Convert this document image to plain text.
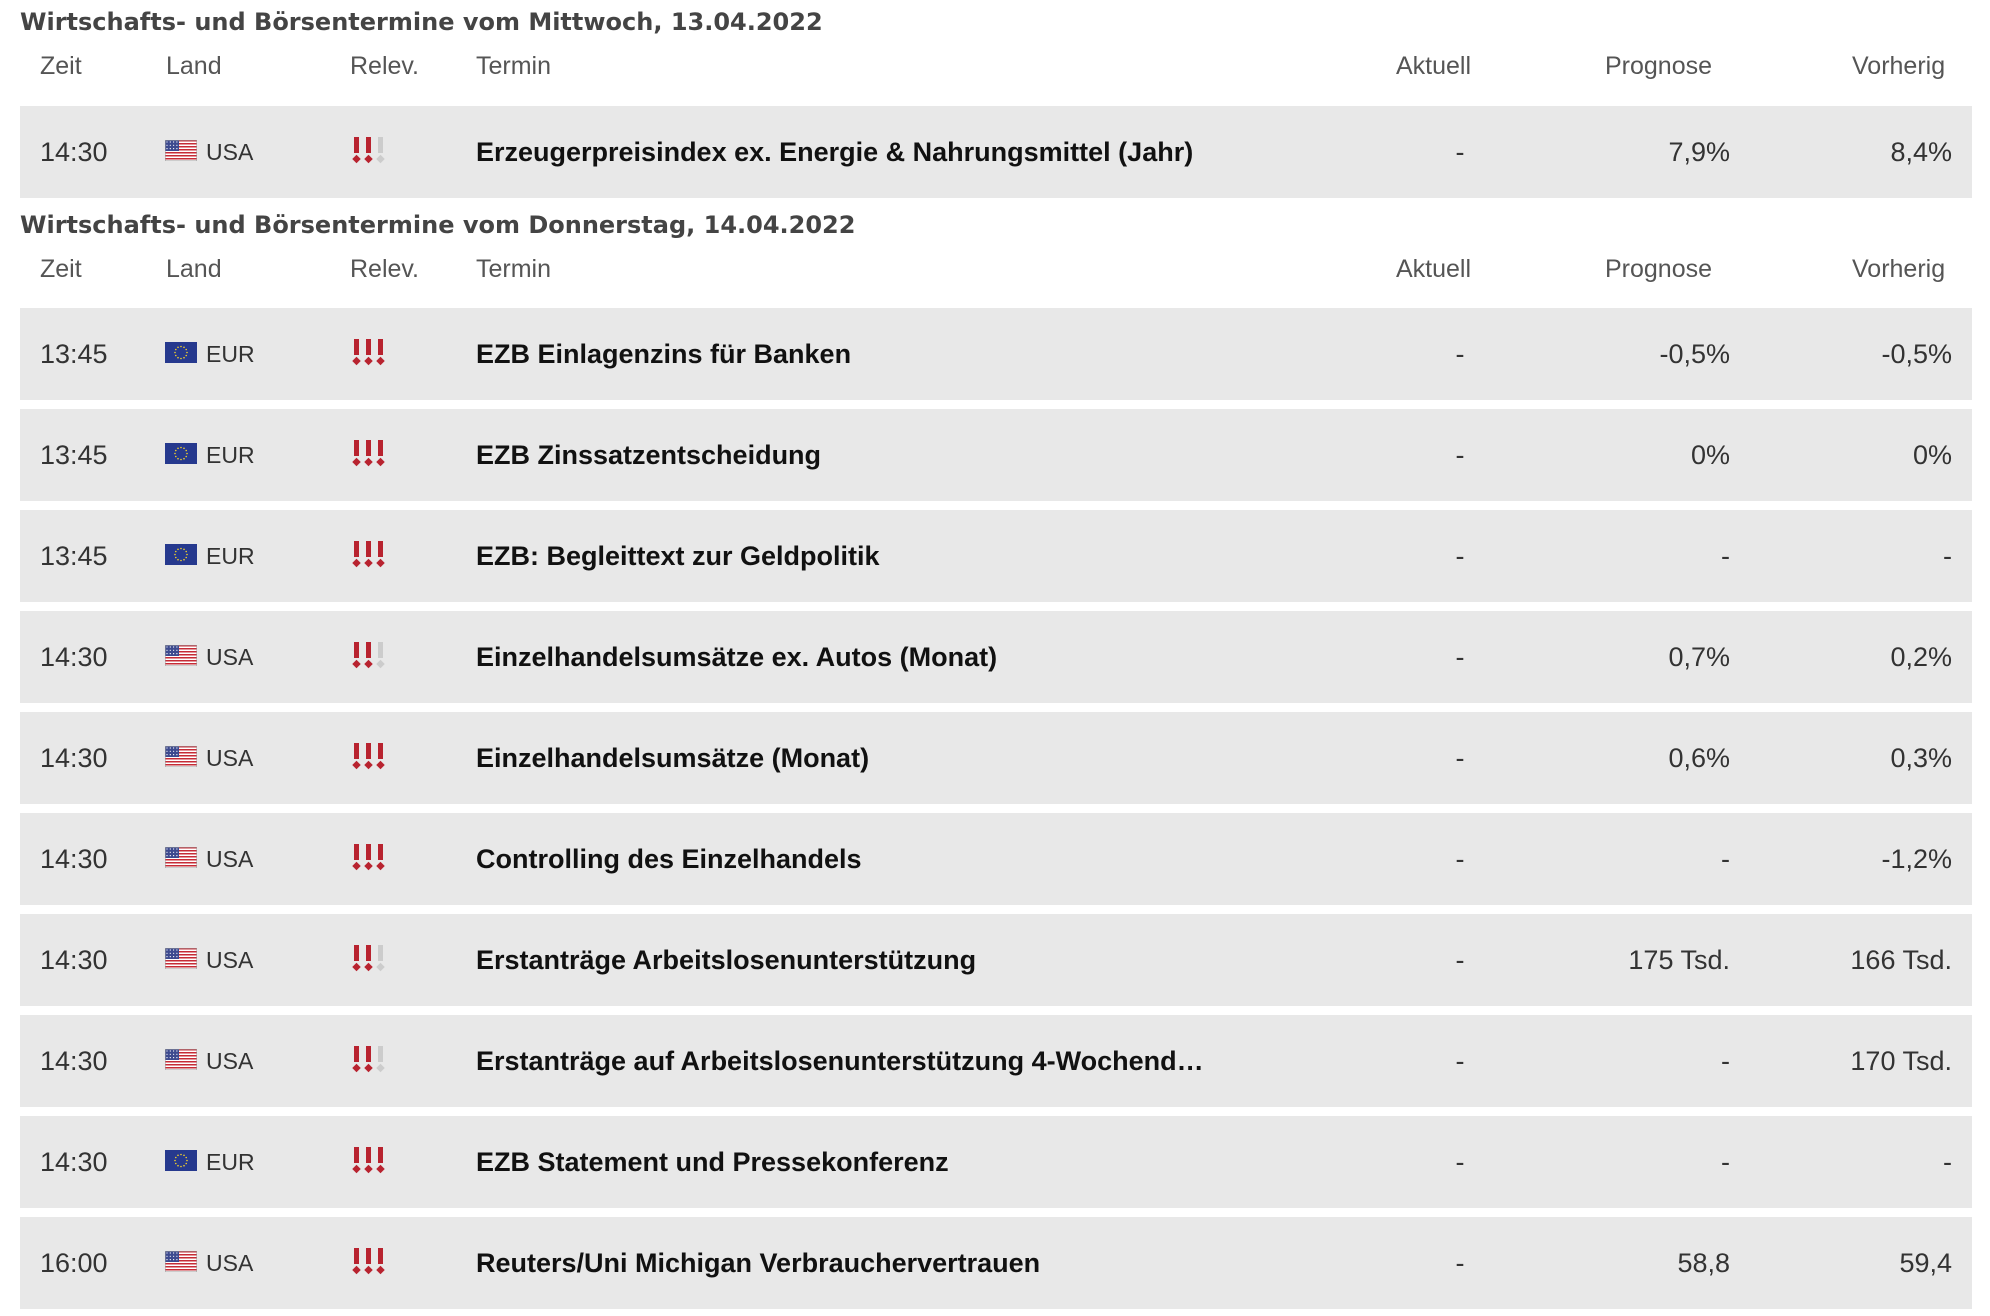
Wirtschafts- und Börsentermine vom Mittwoch, 13.04.2022
Zeit	Land	Relev. Termin	Aktuell	Prognose	Vorherig
14:30	USA	Erzeugerpreisindex ex. Energie & Nahrungsmittel (Jahr)	-	7,9%	8,4%
Wirtschafts- und Börsentermine vom Donnerstag, 14.04.2022
Zeit	Land	Relev. Termin	Aktuell	Prognose	Vorherig
13:45	EUR	EZB Einlagenzins für Banken	-	-0,5%	-0,5%
13:45	EUR	EZB Zinssatzentscheidung	-	0%	0%
13:45	EUR	EZB: Begleittext zur Geldpolitik	-	-	-
14:30	USA	Einzelhandelsumsätze ex. Autos (Monat)	-	0,7%	0,2%
14:30	USA	Einzelhandelsumsätze (Monat)	-	0,6%	0,3%
14:30	USA	Controlling des Einzelhandels	-	-	-1,2%
14:30	USA	Erstanträge Arbeitslosenunterstützung	-	175 Tsd.	166 Tsd.
14:30	USA	Erstanträge auf Arbeitslosenunterstützung 4-Wochend…	-	-	170 Tsd.
14:30	EUR	EZB Statement und Pressekonferenz	-	-	-
16:00	USA	Reuters/Uni Michigan Verbrauchervertrauen	-	58,8	59,4
